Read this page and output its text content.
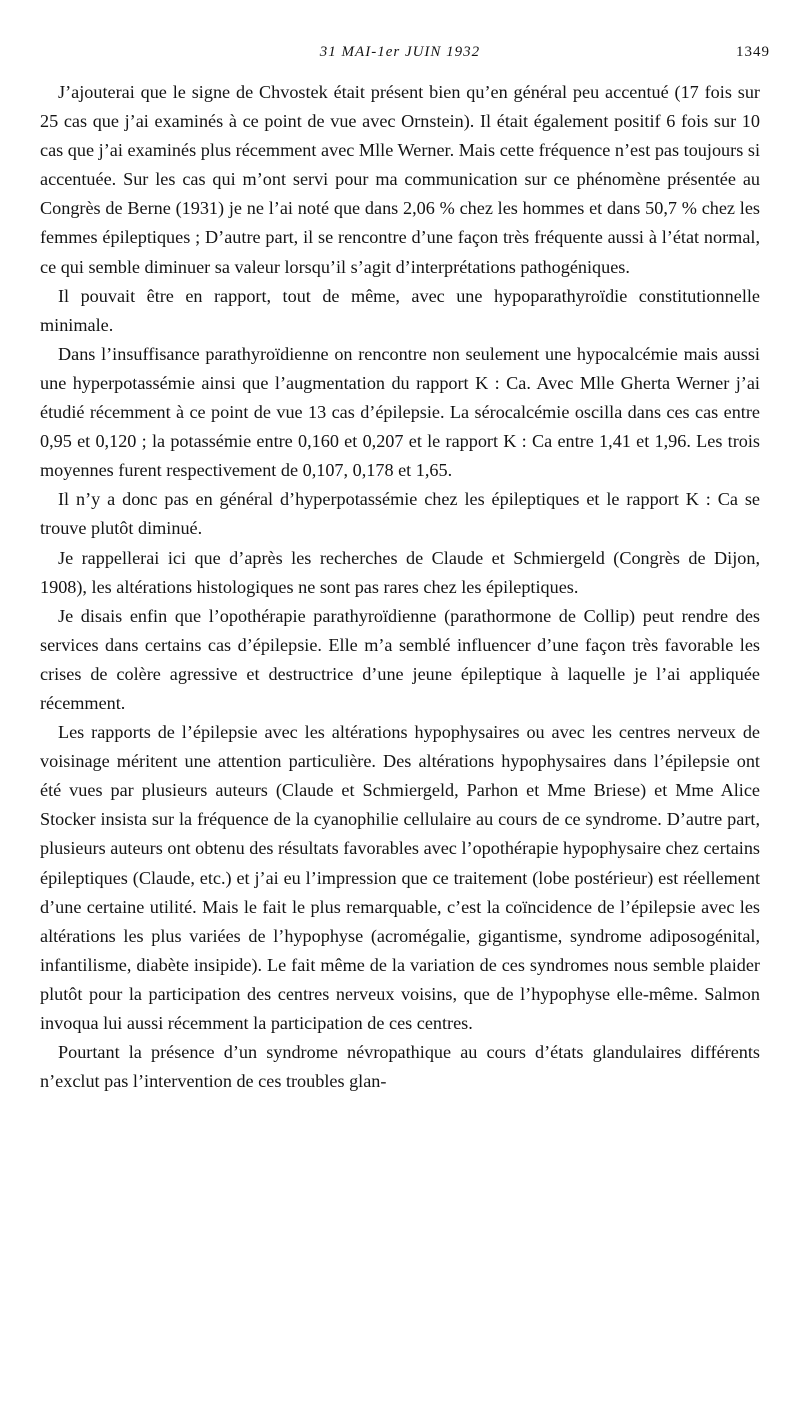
31 MAI-1er JUIN 1932	1349

J’ajouterai que le signe de Chvostek était présent bien qu’en général peu accentué (17 fois sur 25 cas que j’ai examinés à ce point de vue avec Ornstein). Il était également positif 6 fois sur 10 cas que j’ai examinés plus récemment avec Mlle Werner. Mais cette fréquence n’est pas toujours si accentuée. Sur les cas qui m’ont servi pour ma communication sur ce phénomène présentée au Congrès de Berne (1931) je ne l’ai noté que dans 2,06 % chez les hommes et dans 50,7 % chez les femmes épileptiques ; D’autre part, il se rencontre d’une façon très fréquente aussi à l’état normal, ce qui semble diminuer sa valeur lorsqu’il s’agit d’interprétations pathogéniques.

Il pouvait être en rapport, tout de même, avec une hypoparathyroïdie constitutionnelle minimale.

Dans l’insuffisance parathyroïdienne on rencontre non seulement une hypocalcémie mais aussi une hyperpotassémie ainsi que l’augmentation du rapport K : Ca. Avec Mlle Gherta Werner j’ai étudié récemment à ce point de vue 13 cas d’épilepsie. La sérocalcémie oscilla dans ces cas entre 0,95 et 0,120 ; la potassémie entre 0,160 et 0,207 et le rapport K : Ca entre 1,41 et 1,96. Les trois moyennes furent respectivement de 0,107, 0,178 et 1,65.

Il n’y a donc pas en général d’hyperpotassémie chez les épileptiques et le rapport K : Ca se trouve plutôt diminué.

Je rappellerai ici que d’après les recherches de Claude et Schmiergeld (Congrès de Dijon, 1908), les altérations histologiques ne sont pas rares chez les épileptiques.

Je disais enfin que l’opothérapie parathyroïdienne (parathormone de Collip) peut rendre des services dans certains cas d’épilepsie. Elle m’a semblé influencer d’une façon très favorable les crises de colère agressive et destructrice d’une jeune épileptique à laquelle je l’ai appliquée récemment.

Les rapports de l’épilepsie avec les altérations hypophysaires ou avec les centres nerveux de voisinage méritent une attention particulière. Des altérations hypophysaires dans l’épilepsie ont été vues par plusieurs auteurs (Claude et Schmiergeld, Parhon et Mme Briese) et Mme Alice Stocker insista sur la fréquence de la cyanophilie cellulaire au cours de ce syndrome. D’autre part, plusieurs auteurs ont obtenu des résultats favorables avec l’opothérapie hypophysaire chez certains épileptiques (Claude, etc.) et j’ai eu l’impression que ce traitement (lobe postérieur) est réellement d’une certaine utilité. Mais le fait le plus remarquable, c’est la coïncidence de l’épilepsie avec les altérations les plus variées de l’hypophyse (acromégalie, gigantisme, syndrome adiposogénital, infantilisme, diabète insipide). Le fait même de la variation de ces syndromes nous semble plaider plutôt pour la participation des centres nerveux voisins, que de l’hypophyse elle-même. Salmon invoqua lui aussi récemment la participation de ces centres.

Pourtant la présence d’un syndrome névropathique au cours d’états glandulaires différents n’exclut pas l’intervention de ces troubles glan-
